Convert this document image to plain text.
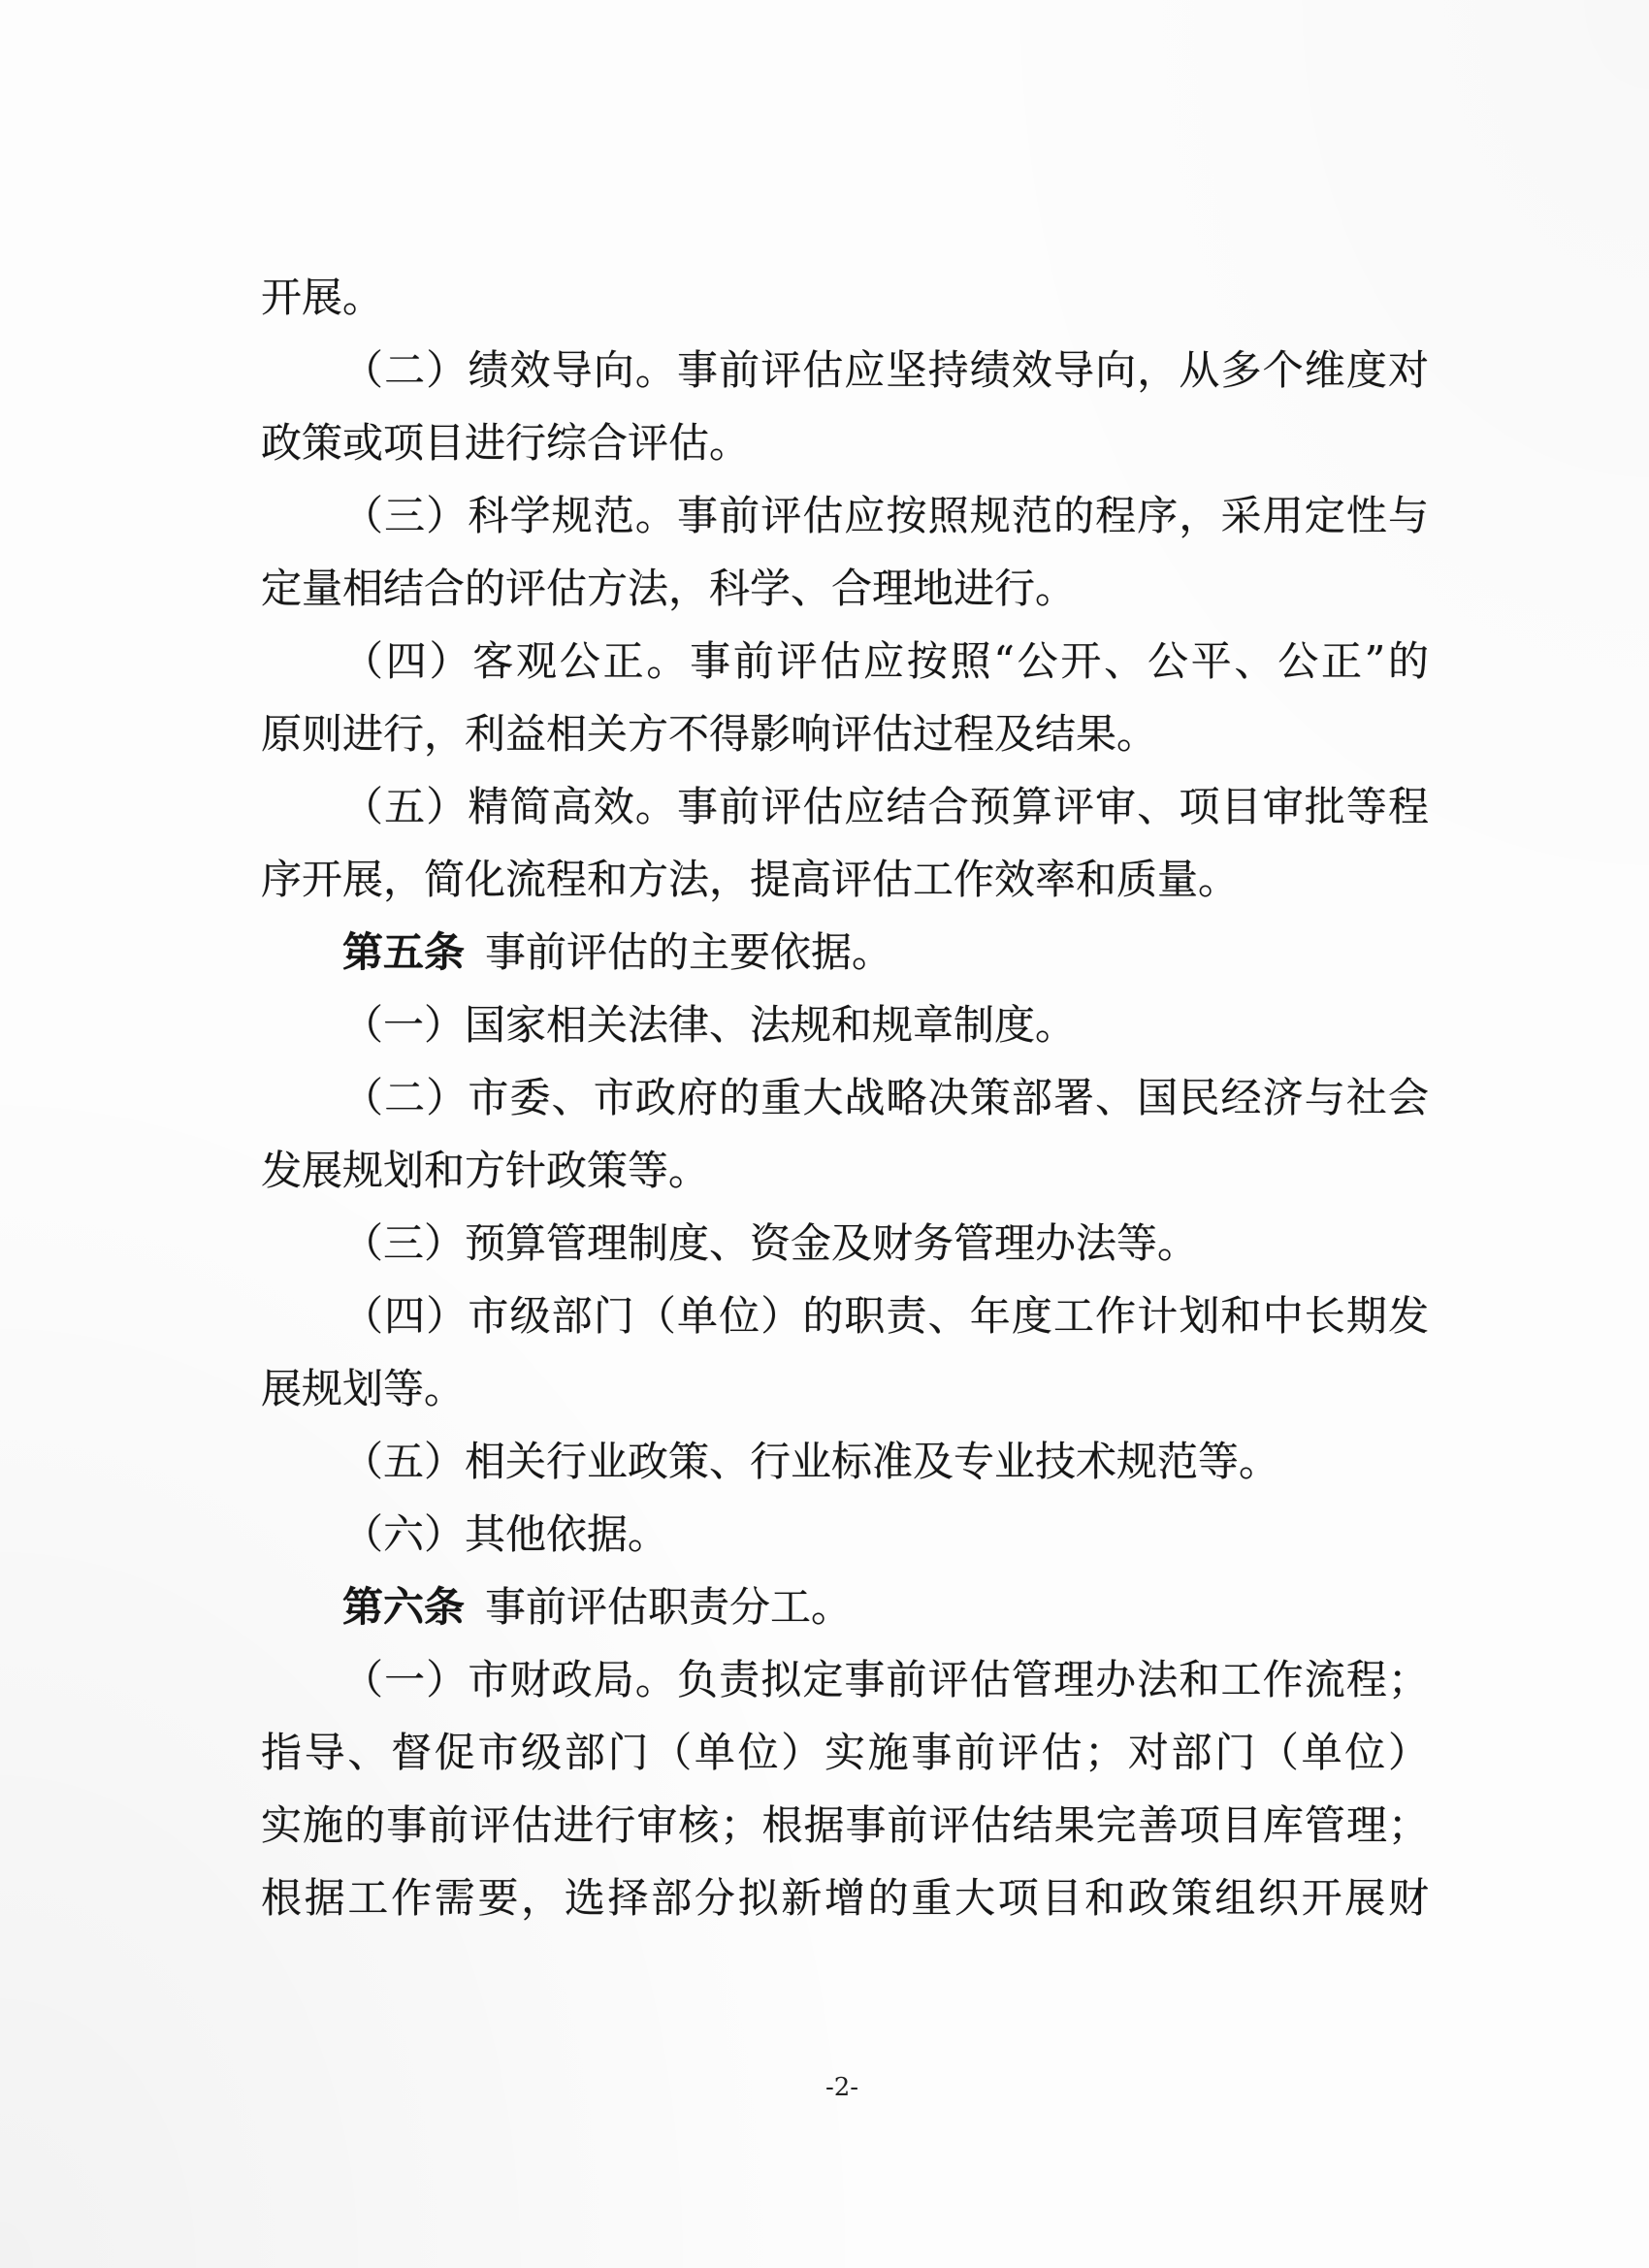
开展。
（二）绩效导向。事前评估应坚持绩效导向，从多个维度对
政策或项目进行综合评估。
（三）科学规范。事前评估应按照规范的程序，采用定性与
定量相结合的评估方法，科学、合理地进行。
（四）客观公正。事前评估应按照“公开、公平、公正”的
原则进行，利益相关方不得影响评估过程及结果。
（五）精简高效。事前评估应结合预算评审、项目审批等程
序开展，简化流程和方法，提高评估工作效率和质量。
第五条 事前评估的主要依据。
（一）国家相关法律、法规和规章制度。
（二）市委、市政府的重大战略决策部署、国民经济与社会
发展规划和方针政策等。
（三）预算管理制度、资金及财务管理办法等。
（四）市级部门（单位）的职责、年度工作计划和中长期发
展规划等。
（五）相关行业政策、行业标准及专业技术规范等。
（六）其他依据。
第六条 事前评估职责分工。
（一）市财政局。负责拟定事前评估管理办法和工作流程；
指导、督促市级部门（单位）实施事前评估；对部门（单位）
实施的事前评估进行审核；根据事前评估结果完善项目库管理；
根据工作需要，选择部分拟新增的重大项目和政策组织开展财
-2-
